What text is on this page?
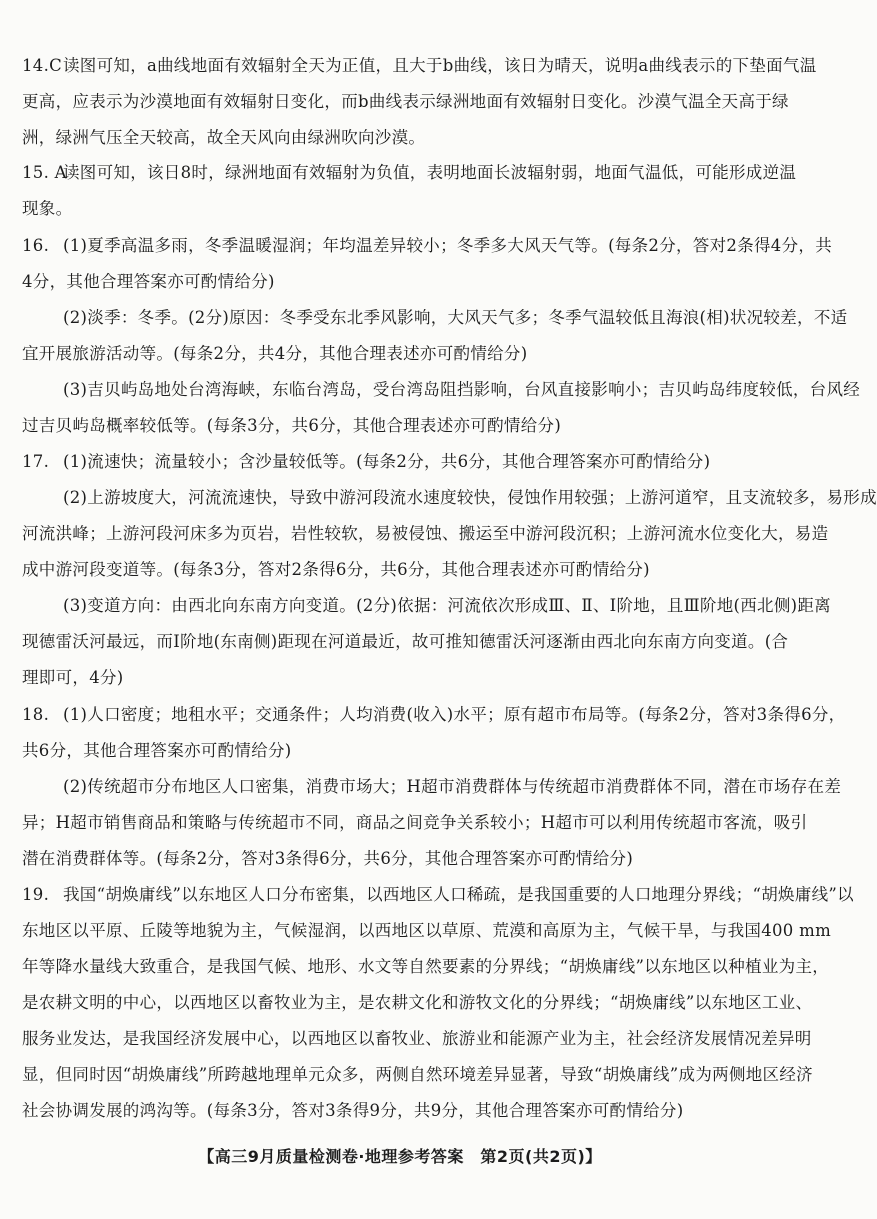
14.C读图可知，a曲线地面有效辐射全天为正值，且大于b曲线，该日为晴天，说明a曲线表示的下垫面气温
更高，应表示为沙漠地面有效辐射日变化，而b曲线表示绿洲地面有效辐射日变化。沙漠气温全天高于绿
洲，绿洲气压全天较高，故全天风向由绿洲吹向沙漠。
15. A读图可知，该日8时，绿洲地面有效辐射为负值，表明地面长波辐射弱，地面气温低，可能形成逆温
现象。
16. (1)夏季高温多雨，冬季温暖湿润；年均温差异较小；冬季多大风天气等。(每条2分，答对2条得4分，共
4分，其他合理答案亦可酌情给分)
(2)淡季：冬季。(2分)原因：冬季受东北季风影响，大风天气多；冬季气温较低且海浪(相)状况较差，不适
宜开展旅游活动等。(每条2分，共4分，其他合理表述亦可酌情给分)
(3)吉贝屿岛地处台湾海峡，东临台湾岛，受台湾岛阻挡影响，台风直接影响小；吉贝屿岛纬度较低，台风经
过吉贝屿岛概率较低等。(每条3分，共6分，其他合理表述亦可酌情给分)
17. (1)流速快；流量较小；含沙量较低等。(每条2分，共6分，其他合理答案亦可酌情给分)
(2)上游坡度大，河流流速快，导致中游河段流水速度较快，侵蚀作用较强；上游河道窄，且支流较多，易形成
河流洪峰；上游河段河床多为页岩，岩性较软，易被侵蚀、搬运至中游河段沉积；上游河流水位变化大，易造
成中游河段变道等。(每条3分，答对2条得6分，共6分，其他合理表述亦可酌情给分)
(3)变道方向：由西北向东南方向变道。(2分)依据：河流依次形成Ⅲ、Ⅱ、Ⅰ阶地，且Ⅲ阶地(西北侧)距离
现德雷沃河最远，而Ⅰ阶地(东南侧)距现在河道最近，故可推知德雷沃河逐渐由西北向东南方向变道。(合
理即可，4分)
18. (1)人口密度；地租水平；交通条件；人均消费(收入)水平；原有超市布局等。(每条2分，答对3条得6分，
共6分，其他合理答案亦可酌情给分)
(2)传统超市分布地区人口密集，消费市场大；H超市消费群体与传统超市消费群体不同，潜在市场存在差
异；H超市销售商品和策略与传统超市不同，商品之间竞争关系较小；H超市可以利用传统超市客流，吸引
潜在消费群体等。(每条2分，答对3条得6分，共6分，其他合理答案亦可酌情给分)
19. 我国“胡焕庸线”以东地区人口分布密集，以西地区人口稀疏，是我国重要的人口地理分界线；“胡焕庸线”以
东地区以平原、丘陵等地貌为主，气候湿润，以西地区以草原、荒漠和高原为主，气候干旱，与我国400 mm
年等降水量线大致重合，是我国气候、地形、水文等自然要素的分界线；“胡焕庸线”以东地区以种植业为主，
是农耕文明的中心，以西地区以畜牧业为主，是农耕文化和游牧文化的分界线；“胡焕庸线”以东地区工业、
服务业发达，是我国经济发展中心，以西地区以畜牧业、旅游业和能源产业为主，社会经济发展情况差异明
显，但同时因“胡焕庸线”所跨越地理单元众多，两侧自然环境差异显著，导致“胡焕庸线”成为两侧地区经济
社会协调发展的鸿沟等。(每条3分，答对3条得9分，共9分，其他合理答案亦可酌情给分)
【高三9月质量检测卷·地理参考答案　第2页(共2页)】
